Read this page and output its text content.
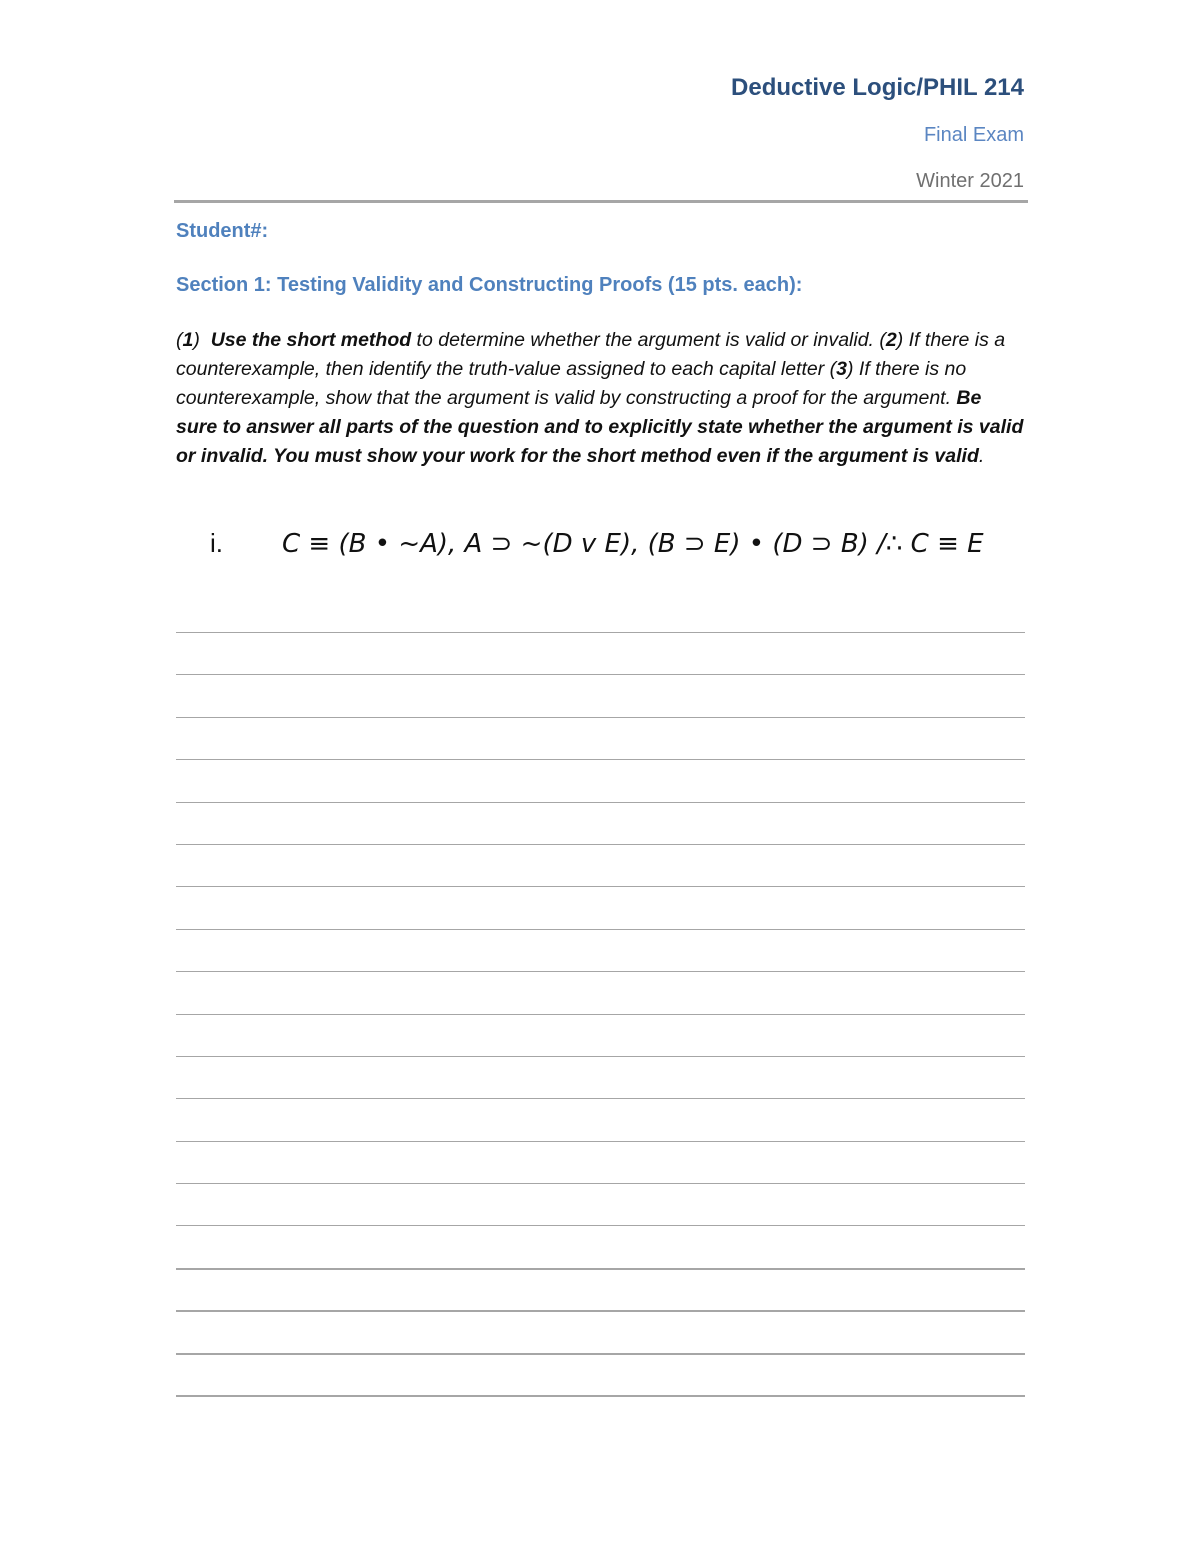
Deductive Logic/PHIL 214
Final Exam
Winter 2021
Student#:
Section 1: Testing Validity and Constructing Proofs (15 pts. each):
(1) Use the short method to determine whether the argument is valid or invalid. (2) If there is a counterexample, then identify the truth-value assigned to each capital letter (3) If there is no counterexample, show that the argument is valid by constructing a proof for the argument. Be sure to answer all parts of the question and to explicitly state whether the argument is valid or invalid. You must show your work for the short method even if the argument is valid.
i. C ≡ (B • ~A), A ⊃ ~(D v E), (B ⊃ E) • (D ⊃ B) /∴ C ≡ E
